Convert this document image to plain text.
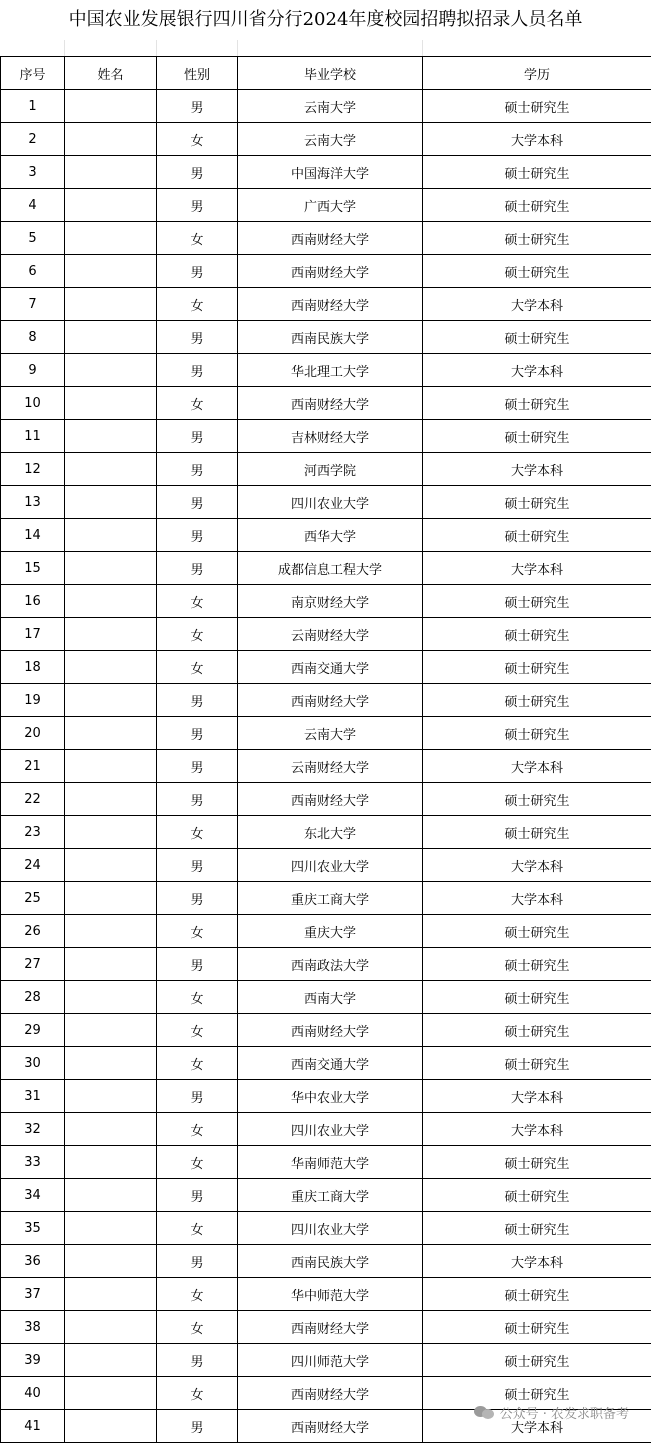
中国农业发展银行四川省分行2024年度校园招聘拟招录人员名单
序号	姓名	性别	毕业学校	学历
1		男	云南大学	硕士研究生
2		女	云南大学	大学本科
3		男	中国海洋大学	硕士研究生
4		男	广西大学	硕士研究生
5		女	西南财经大学	硕士研究生
6		男	西南财经大学	硕士研究生
7		女	西南财经大学	大学本科
8		男	西南民族大学	硕士研究生
9		男	华北理工大学	大学本科
10		女	西南财经大学	硕士研究生
11		男	吉林财经大学	硕士研究生
12		男	河西学院	大学本科
13		男	四川农业大学	硕士研究生
14		男	西华大学	硕士研究生
15		男	成都信息工程大学	大学本科
16		女	南京财经大学	硕士研究生
17		女	云南财经大学	硕士研究生
18		女	西南交通大学	硕士研究生
19		男	西南财经大学	硕士研究生
20		男	云南大学	硕士研究生
21		男	云南财经大学	大学本科
22		男	西南财经大学	硕士研究生
23		女	东北大学	硕士研究生
24		男	四川农业大学	大学本科
25		男	重庆工商大学	大学本科
26		女	重庆大学	硕士研究生
27		男	西南政法大学	硕士研究生
28		女	西南大学	硕士研究生
29		女	西南财经大学	硕士研究生
30		女	西南交通大学	硕士研究生
31		男	华中农业大学	大学本科
32		女	四川农业大学	大学本科
33		女	华南师范大学	硕士研究生
34		男	重庆工商大学	硕士研究生
35		女	四川农业大学	硕士研究生
36		男	西南民族大学	大学本科
37		女	华中师范大学	硕士研究生
38		女	西南财经大学	硕士研究生
39		男	四川师范大学	硕士研究生
40		女	西南财经大学	硕士研究生
41		男	西南财经大学	大学本科
公众号 · 农发求职备考
